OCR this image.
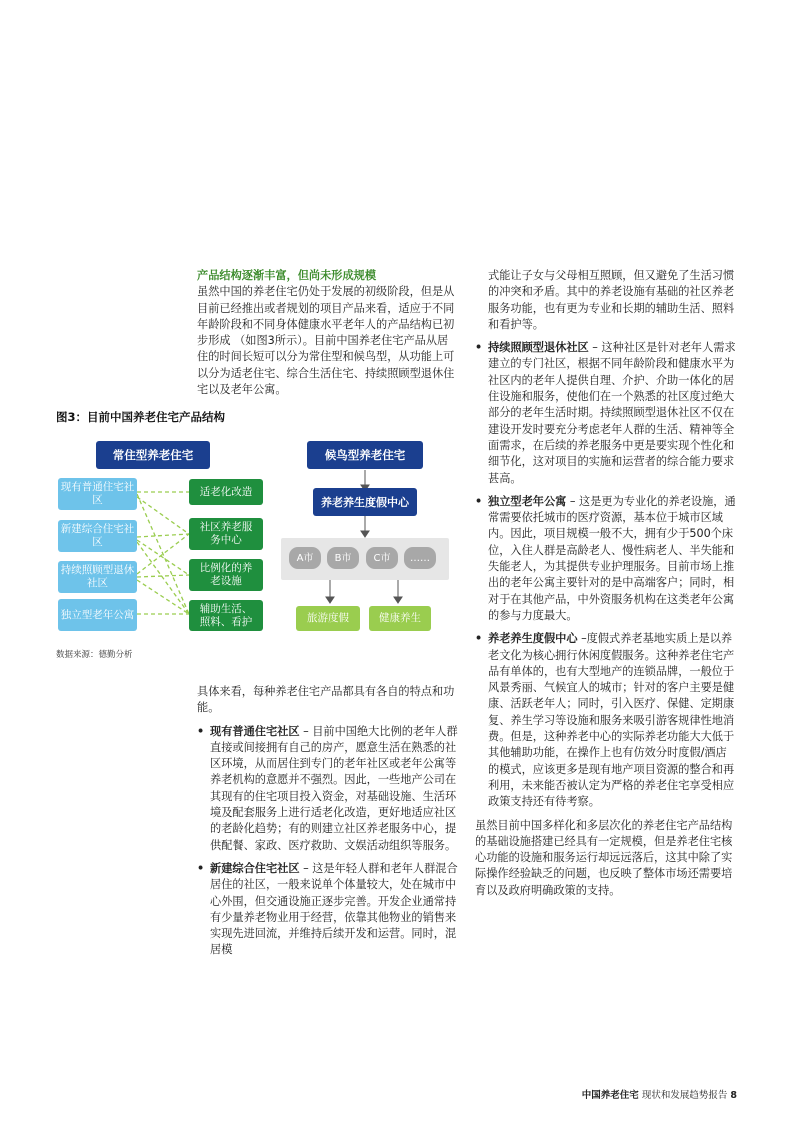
产品结构逐渐丰富，但尚未形成规模

虽然中国的养老住宅仍处于发展的初级阶段，但是从目前已经推出或者规划的项目产品来看，适应于不同年龄阶段和不同身体健康水平老年人的产品结构已初步形成 （如图3所示）。目前中国养老住宅产品从居住的时间长短可以分为常住型和候鸟型，从功能上可以分为适老住宅、综合生活住宅、持续照顾型退休住宅以及老年公寓。

图3：目前中国养老住宅产品结构
常住型养老住宅	候鸟型养老住宅
现有普通住宅社区
新建综合住宅社区
持续照顾型退休社区
独立型老年公寓
适老化改造
社区养老服务中心
比例化的养老设施
辅助生活、照料、看护
养老养生度假中心
A市	B市	C市	……
旅游度假	健康养生
数据来源：德勤分析

具体来看，每种养老住宅产品都具有各自的特点和功能。

• 现有普通住宅社区 – 目前中国绝大比例的老年人群直接或间接拥有自己的房产，愿意生活在熟悉的社区环境，从而居住到专门的老年社区或老年公寓等养老机构的意愿并不强烈。因此，一些地产公司在其现有的住宅项目投入资金，对基础设施、生活环境及配套服务上进行适老化改造，更好地适应社区的老龄化趋势；有的则建立社区养老服务中心，提供配餐、家政、医疗救助、文娱活动组织等服务。
• 新建综合住宅社区 – 这是年轻人群和老年人群混合居住的社区，一般来说单个体量较大，处在城市中心外围，但交通设施正逐步完善。开发企业通常持有少量养老物业用于经营，依靠其他物业的销售来实现先进回流，并维持后续开发和运营。同时，混居模

式能让子女与父母相互照顾，但又避免了生活习惯的冲突和矛盾。其中的养老设施有基础的社区养老服务功能，也有更为专业和长期的辅助生活、照料和看护等。

• 持续照顾型退休社区 – 这种社区是针对老年人需求建立的专门社区，根据不同年龄阶段和健康水平为社区内的老年人提供自理、介护、介助一体化的居住设施和服务，使他们在一个熟悉的社区度过绝大部分的老年生活时期。持续照顾型退休社区不仅在建设开发时要充分考虑老年人群的生活、精神等全面需求，在后续的养老服务中更是要实现个性化和细节化，这对项目的实施和运营者的综合能力要求甚高。
• 独立型老年公寓 – 这是更为专业化的养老设施，通常需要依托城市的医疗资源，基本位于城市区域内。因此，项目规模一般不大，拥有少于500个床位，入住人群是高龄老人、慢性病老人、半失能和失能老人，为其提供专业护理服务。目前市场上推出的老年公寓主要针对的是中高端客户；同时，相对于在其他产品，中外资服务机构在这类老年公寓的参与力度最大。
• 养老养生度假中心 –度假式养老基地实质上是以养老文化为核心拥行休闲度假服务。这种养老住宅产品有单体的，也有大型地产的连锁品牌，一般位于风景秀丽、气候宜人的城市；针对的客户主要是健康、活跃老年人；同时，引入医疗、保健、定期康复、养生学习等设施和服务来吸引游客规律性地消费。但是，这种养老中心的实际养老功能大大低于其他辅助功能，在操作上也有仿效分时度假/酒店的模式，应该更多是现有地产项目资源的整合和再利用，未来能否被认定为严格的养老住宅享受相应政策支持还有待考察。

虽然目前中国多样化和多层次化的养老住宅产品结构的基础设施搭建已经具有一定规模，但是养老住宅核心功能的设施和服务运行却远远落后，这其中除了实际操作经验缺乏的问题，也反映了整体市场还需要培育以及政府明确政策的支持。

中国养老住宅 现状和发展趋势报告 8
